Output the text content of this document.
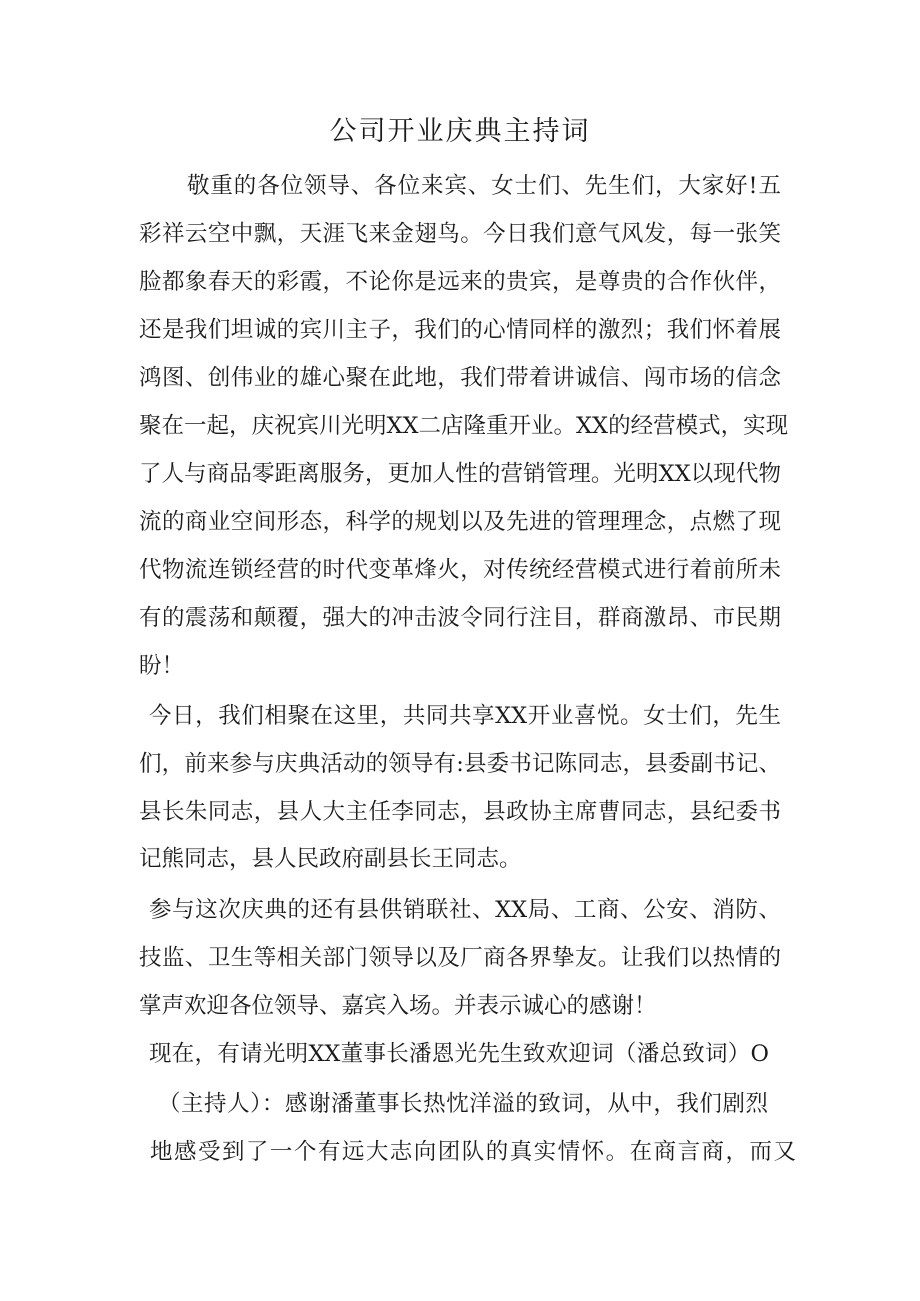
公司开业庆典主持词

敬重的各位领导、各位来宾、女士们、先生们，大家好!五

彩祥云空中飘，天涯飞来金翅鸟。今日我们意气风发，每一张笑

脸都象春天的彩霞，不论你是远来的贵宾，是尊贵的合作伙伴，

还是我们坦诚的宾川主子，我们的心情同样的激烈；我们怀着展

鸿图、创伟业的雄心聚在此地，我们带着讲诚信、闯市场的信念

聚在一起，庆祝宾川光明XX二店隆重开业。XX的经营模式，实现

了人与商品零距离服务，更加人性的营销管理。光明XX以现代物

流的商业空间形态，科学的规划以及先进的管理理念，点燃了现

代物流连锁经营的时代变革烽火，对传统经营模式进行着前所未

有的震荡和颠覆，强大的冲击波令同行注目，群商激昂、市民期

盼！

今日，我们相聚在这里，共同共享XX开业喜悦。女士们，先生

们，前来参与庆典活动的领导有:县委书记陈同志，县委副书记、

县长朱同志，县人大主任李同志，县政协主席曹同志，县纪委书

记熊同志，县人民政府副县长王同志。

参与这次庆典的还有县供销联社、XX局、工商、公安、消防、

技监、卫生等相关部门领导以及厂商各界挚友。让我们以热情的

掌声欢迎各位领导、嘉宾入场。并表示诚心的感谢！

现在，有请光明XX董事长潘恩光先生致欢迎词（潘总致词）O

（主持人）：感谢潘董事长热忱洋溢的致词，从中，我们剧烈

地感受到了一个有远大志向团队的真实情怀。在商言商，而又
